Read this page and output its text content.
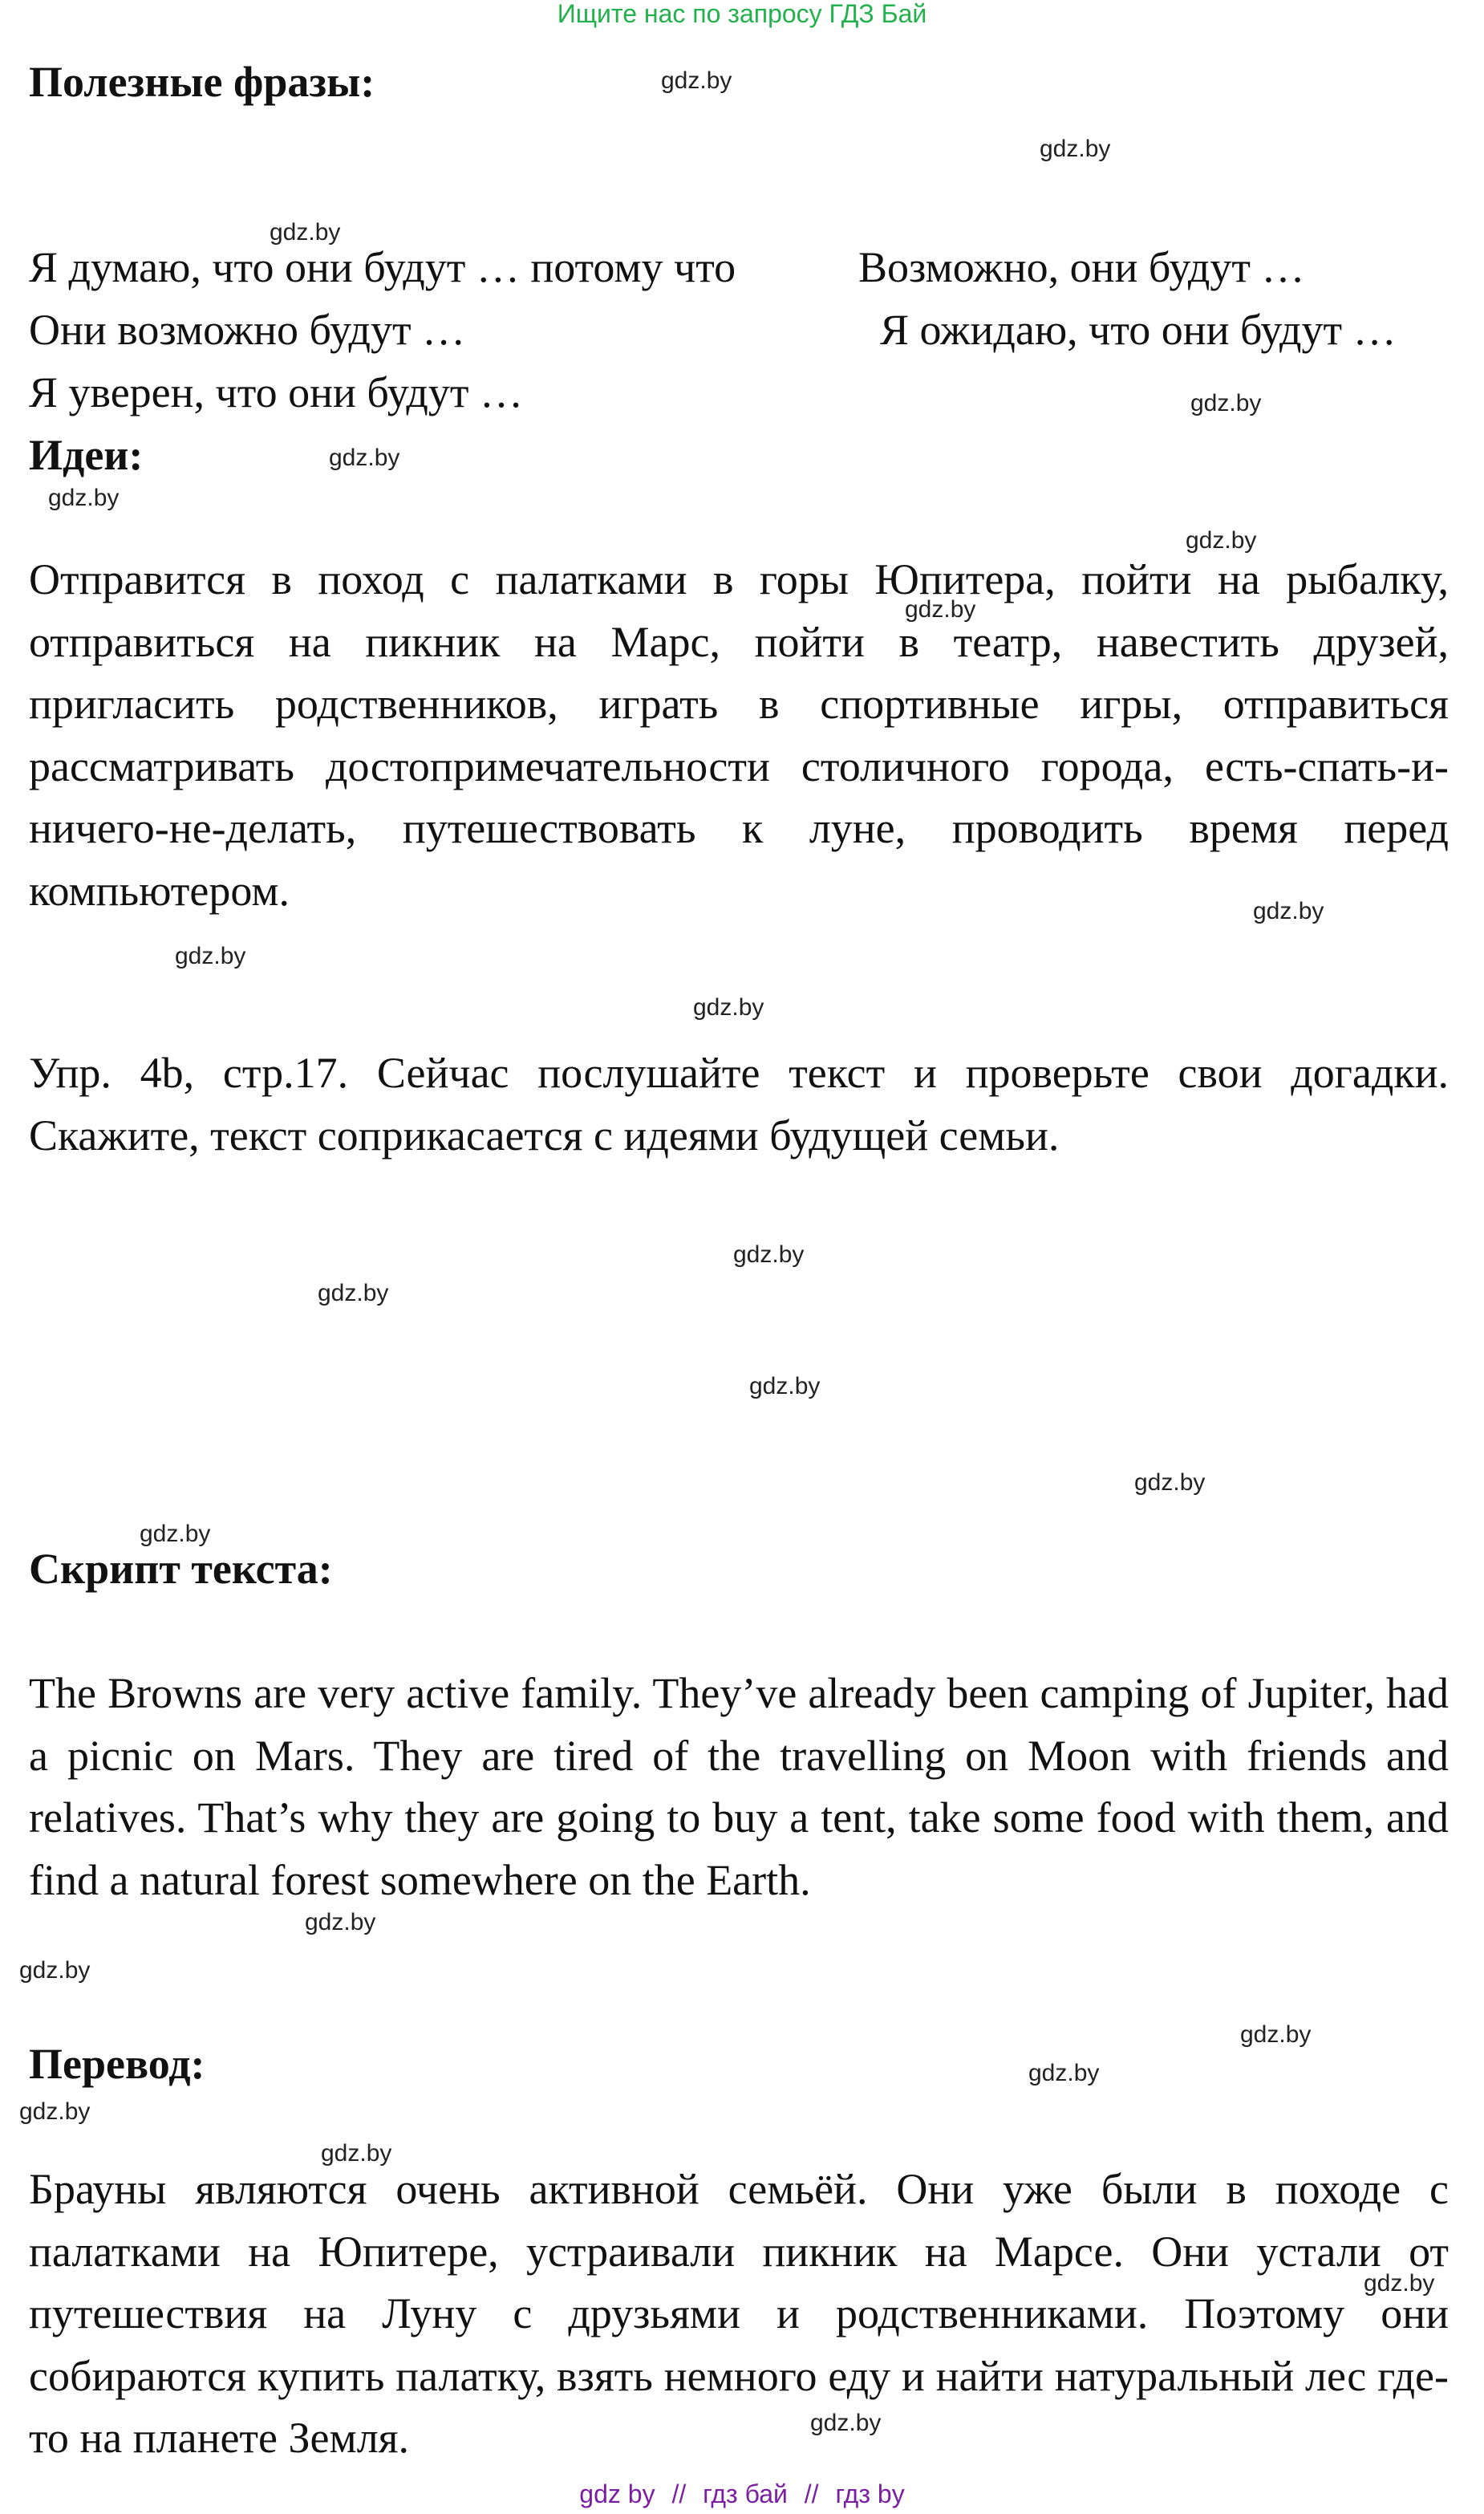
Ищите нас по запросу ГДЗ Бай
Полезные фразы:
Я думаю, что они будут … потому что	Возможно, они будут …
Они возможно будут …	Я ожидаю, что они будут …
Я уверен, что они будут …
Идеи:

Отправится в поход с палатками в горы Юпитера, пойти на рыбалку, отправиться на пикник на Марс, пойти в театр, навестить друзей, пригласить родственников, играть в спортивные игры, отправиться рассматривать достопримечательности столичного города, есть-спать-и-ничего-не-делать, путешествовать к луне, проводить время перед компьютером.

Упр. 4b, стр.17. Сейчас послушайте текст и проверьте свои догадки. Скажите, текст соприкасается с идеями будущей семьи.

Скрипт текста:

The Browns are very active family. They’ve already been camping of Jupiter, had a picnic on Mars. They are tired of the travelling on Moon with friends and relatives. That’s why they are going to buy a tent, take some food with them, and find a natural forest somewhere on the Earth.

Перевод:

Брауны являются очень активной семьёй. Они уже были в походе с палатками на Юпитере, устраивали пикник на Марсе. Они устали от путешествия на Луну с друзьями и родственниками. Поэтому они собираются купить палатку, взять немного еду и найти натуральный лес где-то на планете Земля.

gdz.by
gdz.by
gdz.by
gdz.by
gdz.by
gdz.by
gdz.by
gdz.by
gdz.by
gdz.by
gdz.by
gdz.by
gdz.by
gdz.by
gdz.by
gdz.by
gdz.by
gdz.by
gdz.by
gdz.by
gdz.by
gdz.by
gdz.by
gdz.by
gdz by // гдз бай // гдз by
